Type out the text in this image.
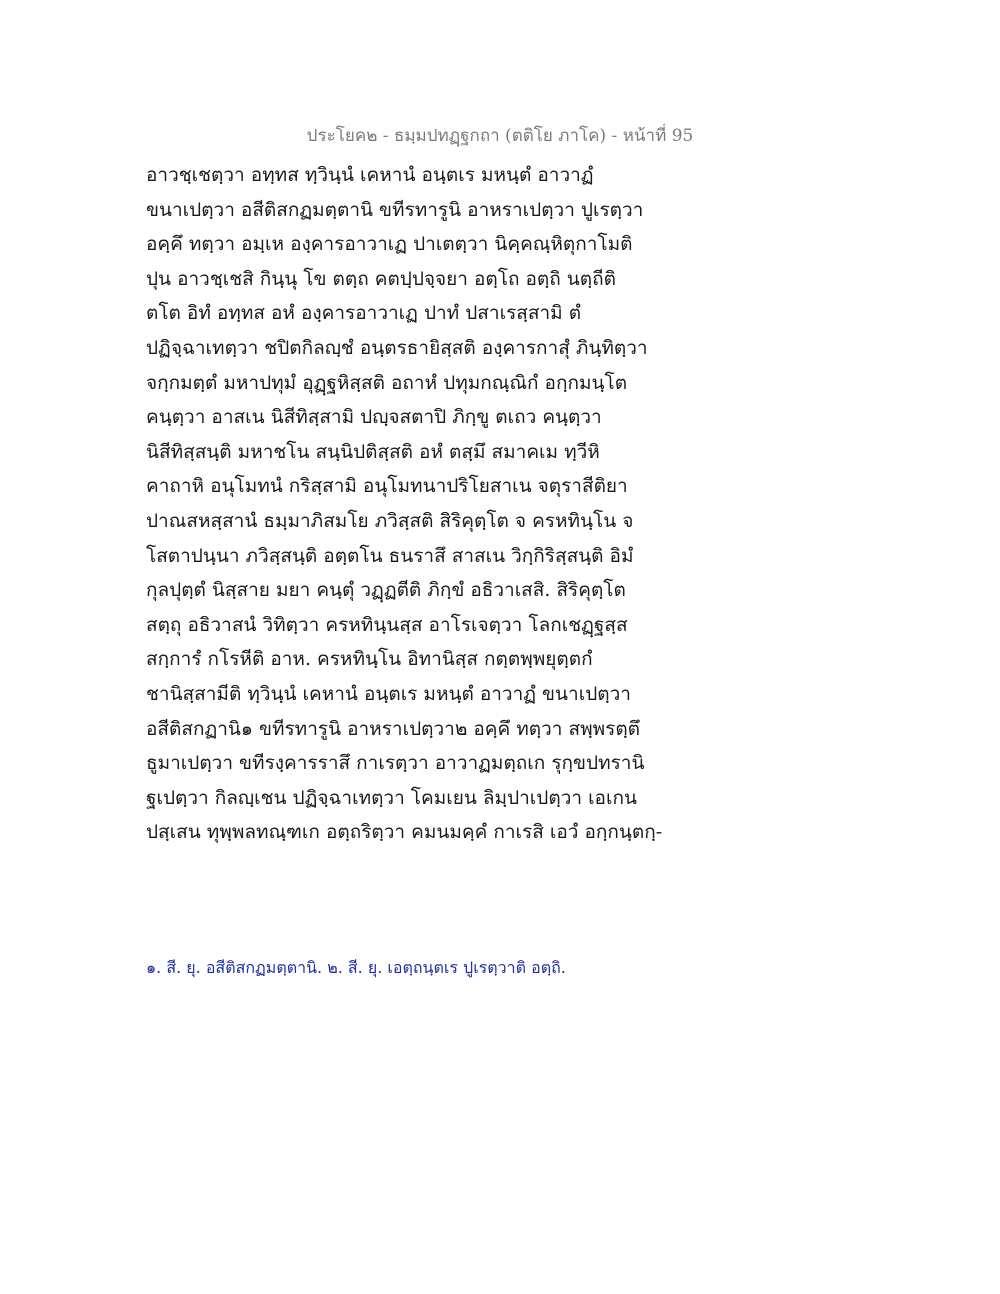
ประโยค๒ - ธมฺมปทฏฺฐกถา (ตติโย ภาโค) - หน้าที่ 95
อาวชฺเชตฺวา อทฺทส ทฺวินฺนํ เคหานํ อนฺตเร มหนฺตํ อาวาฏํ
ขนาเปตฺวา อสีติสกฏมตฺตานิ ขทีรทารูนิ อาหราเปตฺวา ปูเรตฺวา
อคฺคึ ทตฺวา อมฺเห องฺคารอาวาเฏ ปาเตตฺวา นิคฺคณฺหิตุกาโมติ
ปุน อาวชฺเชสิ กินฺนุ โข ตตฺถ คตปฺปจฺจยา อตฺโถ อตฺถิ นตฺถีติ
ตโต อิทํ อทฺทส อหํ องฺคารอาวาเฏ ปาทํ ปสาเรสฺสามิ ตํ
ปฏิจฺฉาเทตฺวา ชปิตกิลญฺชํ อนฺตรธายิสฺสติ องฺคารกาสุํ ภินฺทิตฺวา
จกฺกมตฺตํ มหาปทุมํ อุฏฺฐหิสฺสติ อถาหํ ปทุมกณฺณิกํ อกฺกมนฺโต
คนฺตฺวา อาสเน นิสีทิสฺสามิ ปญฺจสตาปิ ภิกฺขู ตเถว คนฺตฺวา
นิสีทิสฺสนฺติ มหาชโน สนฺนิปติสฺสติ อหํ ตสฺมึ สมาคเม ทฺวีหิ
คาถาหิ อนุโมทนํ กริสฺสามิ อนุโมทนาปริโยสาเน จตุราสีติยา
ปาณสหสฺสานํ ธมฺมาภิสมโย ภวิสฺสติ สิริคุตฺโต จ ครหทินฺโน จ
โสตาปนฺนา ภวิสฺสนฺติ อตฺตโน ธนราสึ สาสเน วิกฺกิริสฺสนฺติ อิมํ
กุลปุตฺตํ นิสฺสาย มยา คนฺตุํ วฏฺฏตีติ ภิกฺขํ อธิวาเสสิ. สิริคุตฺโต
สตฺถุ อธิวาสนํ วิทิตฺวา ครหทินฺนสฺส อาโรเจตฺวา โลกเชฏฺฐสฺส
สกฺการํ กโรหีติ อาห. ครหทินฺโน อิทานิสฺส กตฺตพฺพยุตฺตกํ
ชานิสฺสามีติ ทฺวินฺนํ เคหานํ อนฺตเร มหนฺตํ อาวาฏํ ขนาเปตฺวา
อสีติสกฏานิ๑ ขทีรทารูนิ อาหราเปตฺวา๒ อคฺคึ ทตฺวา สพฺพรตฺตึ
ธูมาเปตฺวา ขทีรงฺคารราสึ กาเรตฺวา อาวาฏมตฺถเก รุกฺขปทรานิ
ฐเปตฺวา กิลญฺเชน ปฏิจฺฉาเทตฺวา โคมเยน ลิมฺปาเปตฺวา เอเกน
ปสฺเสน ทุพฺพลทณฺฑเก อตฺถริตฺวา คมนมคฺคํ กาเรสิ เอวํ อกฺกนฺตกฺ-
๑. สี. ยุ. อสีติสกฏมตฺตานิ. ๒. สี. ยุ. เอตฺถนฺตเร ปูเรตฺวาติ อตฺถิ.
